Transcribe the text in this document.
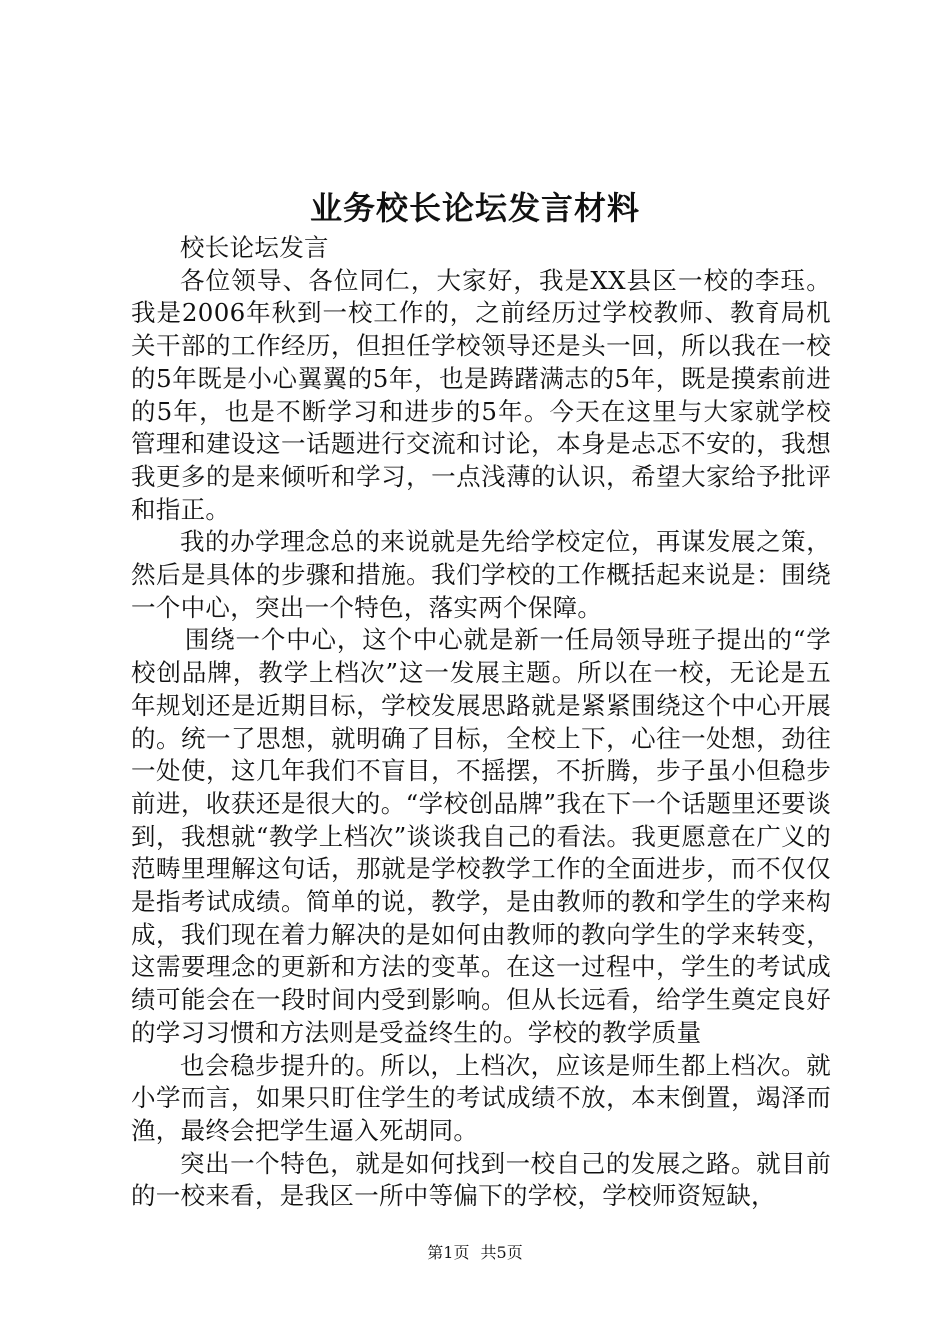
业务校长论坛发言材料

校长论坛发言

各位领导、各位同仁，大家好，我是XX县区一校的李珏。我是2006年秋到一校工作的，之前经历过学校教师、教育局机关干部的工作经历，但担任学校领导还是头一回，所以我在一校的5年既是小心翼翼的5年，也是踌躇满志的5年，既是摸索前进的5年，也是不断学习和进步的5年。今天在这里与大家就学校管理和建设这一话题进行交流和讨论，本身是忐忑不安的，我想我更多的是来倾听和学习，一点浅薄的认识，希望大家给予批评和指正。

我的办学理念总的来说就是先给学校定位，再谋发展之策，然后是具体的步骤和措施。我们学校的工作概括起来说是：围绕一个中心，突出一个特色，落实两个保障。

围绕一个中心，这个中心就是新一任局领导班子提出的“学校创品牌，教学上档次”这一发展主题。所以在一校，无论是五年规划还是近期目标，学校发展思路就是紧紧围绕这个中心开展的。统一了思想，就明确了目标，全校上下，心往一处想，劲往一处使，这几年我们不盲目，不摇摆，不折腾，步子虽小但稳步前进，收获还是很大的。“学校创品牌”我在下一个话题里还要谈到，我想就“教学上档次”谈谈我自己的看法。我更愿意在广义的范畴里理解这句话，那就是学校教学工作的全面进步，而不仅仅是指考试成绩。简单的说，教学，是由教师的教和学生的学来构成，我们现在着力解决的是如何由教师的教向学生的学来转变，这需要理念的更新和方法的变革。在这一过程中，学生的考试成绩可能会在一段时间内受到影响。但从长远看，给学生奠定良好的学习习惯和方法则是受益终生的。学校的教学质量

也会稳步提升的。所以，上档次，应该是师生都上档次。就小学而言，如果只盯住学生的考试成绩不放，本末倒置，竭泽而渔，最终会把学生逼入死胡同。

突出一个特色，就是如何找到一校自己的发展之路。就目前的一校来看，是我区一所中等偏下的学校，学校师资短缺，

第1页 共5页
